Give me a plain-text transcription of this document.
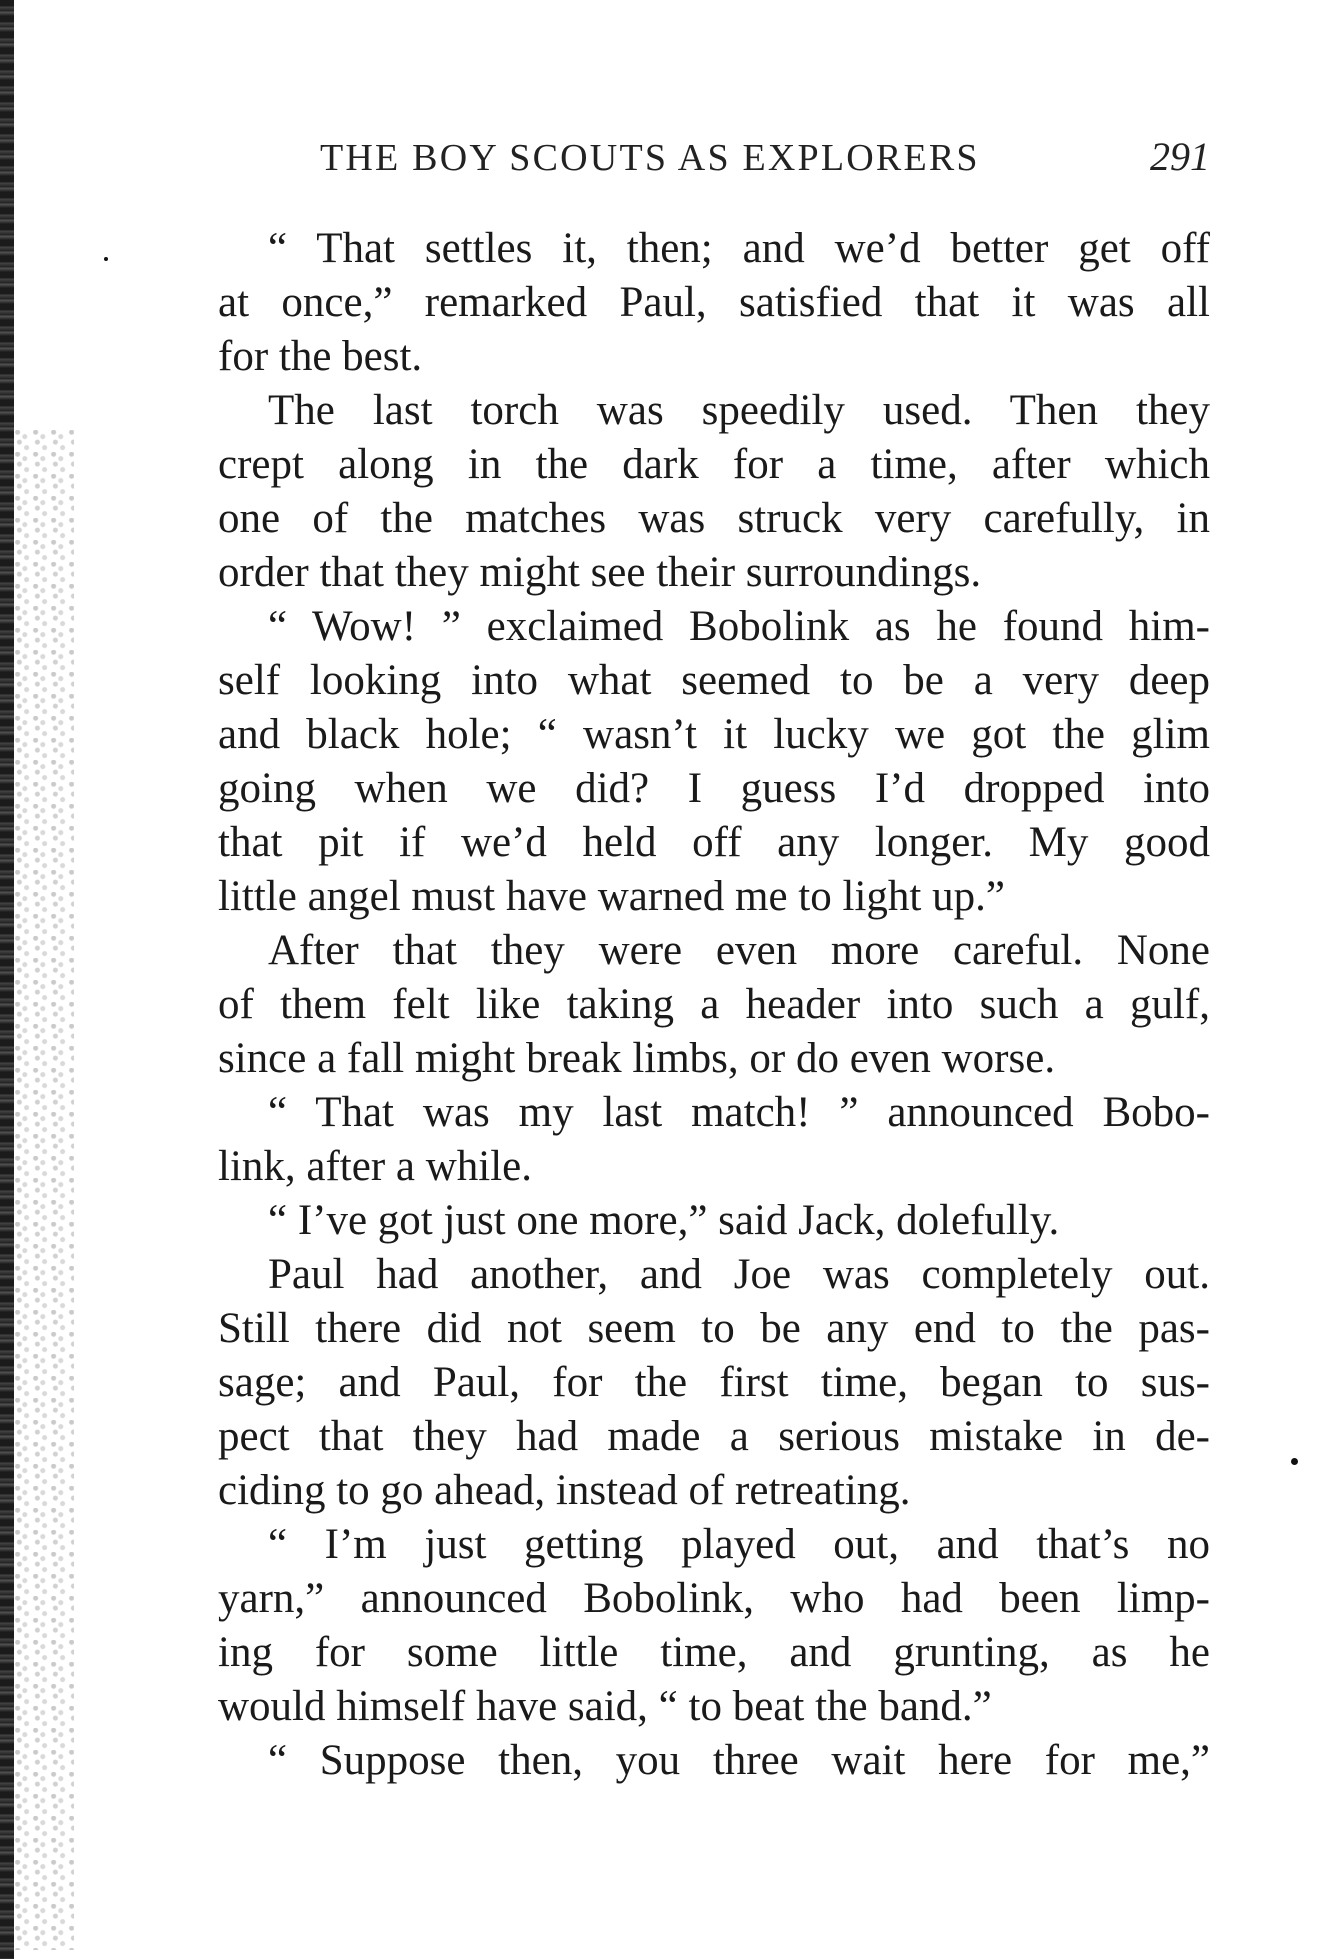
THE BOY SCOUTS AS EXPLORERS	291
“ That settles it, then; and we’d better get off
at once,” remarked Paul, satisfied that it was all
for the best.
The last torch was speedily used. Then they
crept along in the dark for a time, after which
one of the matches was struck very carefully, in
order that they might see their surroundings.
“ Wow! ” exclaimed Bobolink as he found him-
self looking into what seemed to be a very deep
and black hole; “ wasn’t it lucky we got the glim
going when we did? I guess I’d dropped into
that pit if we’d held off any longer. My good
little angel must have warned me to light up.”
After that they were even more careful. None
of them felt like taking a header into such a gulf,
since a fall might break limbs, or do even worse.
“ That was my last match! ” announced Bobo-
link, after a while.
“ I’ve got just one more,” said Jack, dolefully.
Paul had another, and Joe was completely out.
Still there did not seem to be any end to the pas-
sage; and Paul, for the first time, began to sus-
pect that they had made a serious mistake in de-
ciding to go ahead, instead of retreating.
“ I’m just getting played out, and that’s no
yarn,” announced Bobolink, who had been limp-
ing for some little time, and grunting, as he
would himself have said, “ to beat the band.”
“ Suppose then, you three wait here for me,”
